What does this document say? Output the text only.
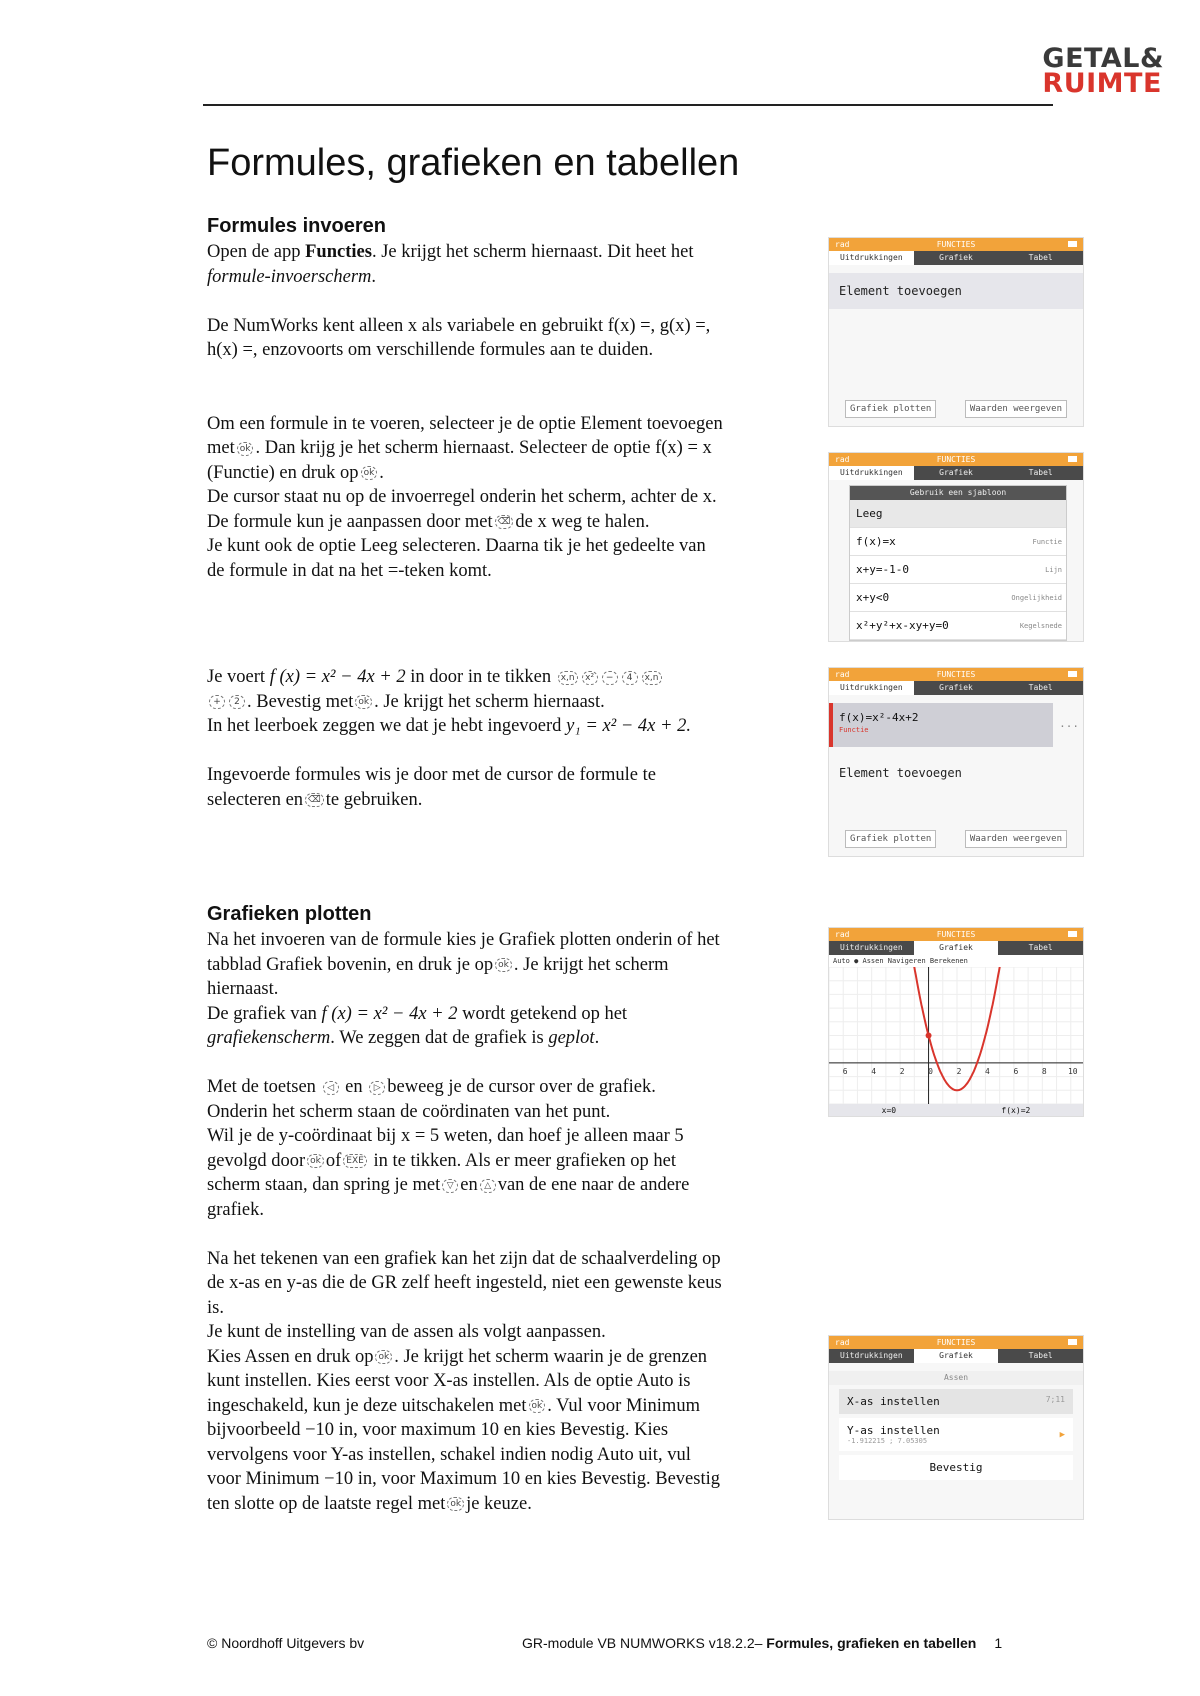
GETAL&
RUIMTE
Formules, grafieken en tabellen
Formules invoeren

Open de app Functies. Je krijgt het scherm hiernaast. Dit heet het

formule-invoerscherm.

De NumWorks kent alleen x als variabele en gebruikt f(x) =, g(x) =,

h(x) =, enzovoorts om verschillende formules aan te duiden.

Om een formule in te voeren, selecteer je de optie Element toevoegen

met ok . Dan krijg je het scherm hiernaast. Selecteer de optie f(x) = x

(Functie) en druk op ok .

De cursor staat nu op de invoerregel onderin het scherm, achter de x.

De formule kun je aanpassen door met ⌫ de x weg te halen.

Je kunt ook de optie Leeg selecteren. Daarna tik je het gedeelte van

de formule in dat na het =-teken komt.

Je voert f (x) = x² − 4x + 2 in door in te tikken x,n x² − 4 x,n

+ 2 . Bevestig met ok . Je krijgt het scherm hiernaast.

In het leerboek zeggen we dat je hebt ingevoerd y₁ = x² − 4x + 2.

Ingevoerde formules wis je door met de cursor de formule te

selecteren en ⌫ te gebruiken.

Grafieken plotten

Na het invoeren van de formule kies je Grafiek plotten onderin of het

tabblad Grafiek bovenin, en druk je op ok . Je krijgt het scherm

hiernaast.

De grafiek van f (x) = x² − 4x + 2 wordt getekend op het

grafiekenscherm. We zeggen dat de grafiek is geplot.

Met de toetsen ◁ en ▷ beweeg je de cursor over de grafiek.

Onderin het scherm staan de coördinaten van het punt.

Wil je de y-coördinaat bij x = 5 weten, dan hoef je alleen maar 5

gevolgd door ok of EXE in te tikken. Als er meer grafieken op het

scherm staan, dan spring je met ▽ en △ van de ene naar de andere

grafiek.

Na het tekenen van een grafiek kan het zijn dat de schaalverdeling op

de x-as en y-as die de GR zelf heeft ingesteld, niet een gewenste keus

is.

Je kunt de instelling van de assen als volgt aanpassen.

Kies Assen en druk op ok . Je krijgt het scherm waarin je de grenzen

kunt instellen. Kies eerst voor X-as instellen. Als de optie Auto is

ingeschakeld, kun je deze uitschakelen met ok . Vul voor Minimum

bijvoorbeeld −10 in, voor maximum 10 en kies Bevestig. Kies

vervolgens voor Y-as instellen, schakel indien nodig Auto uit, vul

voor Minimum −10 in, voor Maximum 10 en kies Bevestig. Bevestig

ten slotte op de laatste regel met ok je keuze.

rad	FUNCTIES
Uitdrukkingen	Grafiek	Tabel
Element toevoegen
Grafiek plotten	Waarden weergeven
rad	FUNCTIES
Uitdrukkingen	Grafiek	Tabel
Gebruik een sjabloon
Leeg
f(x)=x	Functie
x+y=-1-0	Lijn
x+y<0	Ongelijkheid
x²+y²+x-xy+y=0	Kegelsnede
rad	FUNCTIES
Uitdrukkingen	Grafiek	Tabel
f(x)=x²-4x+2
Functie	...
Element toevoegen
Grafiek plotten	Waarden weergeven
rad	FUNCTIES
Uitdrukkingen	Grafiek	Tabel
Auto ● Assen Navigeren Berekenen
6	4	2	0	2	4	6	8	10
x=0	f(x)=2
rad	FUNCTIES
Uitdrukkingen	Grafiek	Tabel
Assen
X-as instellen	7;11
Y-as instellen
-1.912215 ; 7.05305
▶
Bevestig
© Noordhoff Uitgevers bv	GR-module VB NUMWORKS v18.2.2– Formules, grafieken en tabellen 1
